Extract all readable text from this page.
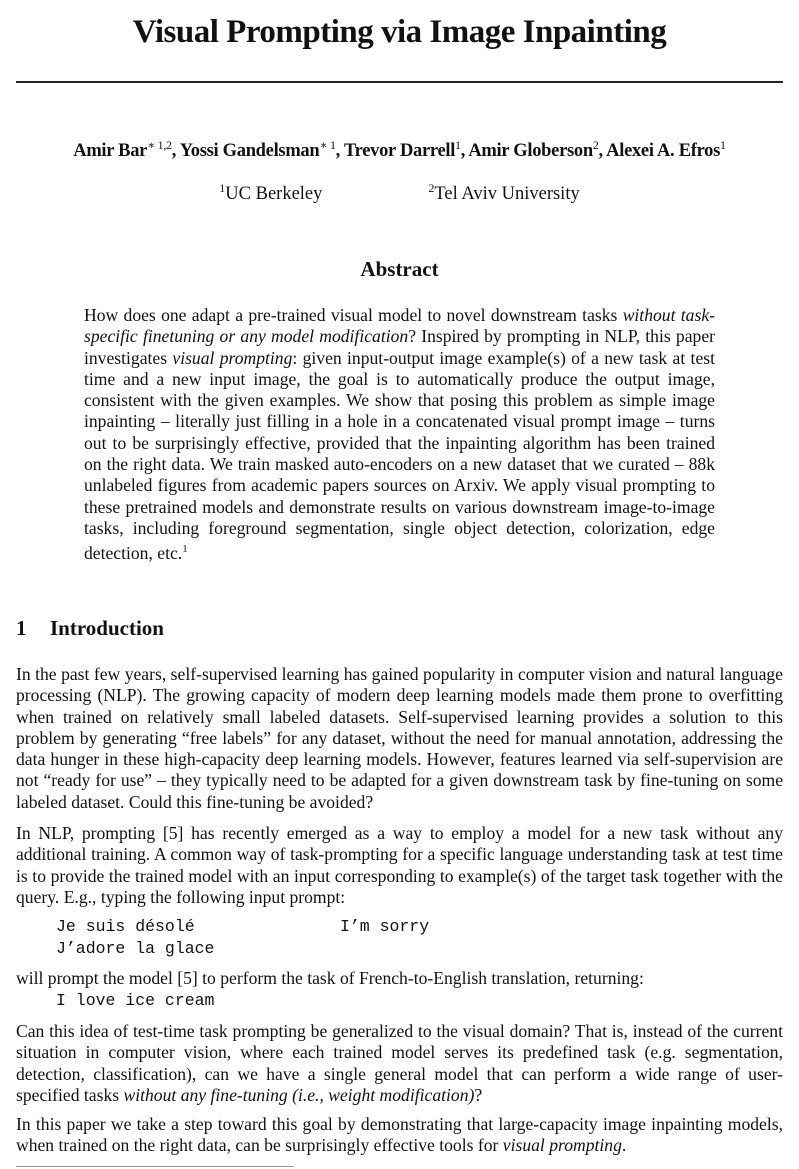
Visual Prompting via Image Inpainting
Amir Bar$^{∗ 1,2}$, Yossi Gandelsman$^{∗ 1}$, Trevor Darrell$^1$, Amir Globerson$^2$, Alexei A. Efros$^1$
$^1$UC Berkeley	$^2$Tel Aviv University
Abstract
How does one adapt a pre-trained visual model to novel downstream tasks without task-specific finetuning or any model modification? Inspired by prompting in NLP, this paper investigates visual prompting: given input-output image example(s) of a new task at test time and a new input image, the goal is to automatically produce the output image, consistent with the given examples. We show that posing this problem as simple image inpainting – literally just filling in a hole in a concatenated visual prompt image – turns out to be surprisingly effective, provided that the inpainting algorithm has been trained on the right data. We train masked auto-encoders on a new dataset that we curated – 88k unlabeled figures from academic papers sources on Arxiv. We apply visual prompting to these pretrained models and demonstrate results on various downstream image-to-image tasks, including foreground segmentation, single object detection, colorization, edge detection, etc.$^1$
1 Introduction
In the past few years, self-supervised learning has gained popularity in computer vision and natural language processing (NLP). The growing capacity of modern deep learning models made them prone to overfitting when trained on relatively small labeled datasets. Self-supervised learning provides a solution to this problem by generating “free labels” for any dataset, without the need for manual annotation, addressing the data hunger in these high-capacity deep learning models. However, features learned via self-supervision are not “ready for use” – they typically need to be adapted for a given downstream task by fine-tuning on some labeled dataset. Could this fine-tuning be avoided?
In NLP, prompting [5] has recently emerged as a way to employ a model for a new task without any additional training. A common way of task-prompting for a specific language understanding task at test time is to provide the trained model with an input corresponding to example(s) of the target task together with the query. E.g., typing the following input prompt:
Je suis désolé	I’m sorry
J’adore la glace
will prompt the model [5] to perform the task of French-to-English translation, returning:
I love ice cream
Can this idea of test-time task prompting be generalized to the visual domain? That is, instead of the current situation in computer vision, where each trained model serves its predefined task (e.g. segmentation, detection, classification), can we have a single general model that can perform a wide range of user-specified tasks without any fine-tuning (i.e., weight modification)?
In this paper we take a step toward this goal by demonstrating that large-capacity image inpainting models, when trained on the right data, can be surprisingly effective tools for visual prompting.
